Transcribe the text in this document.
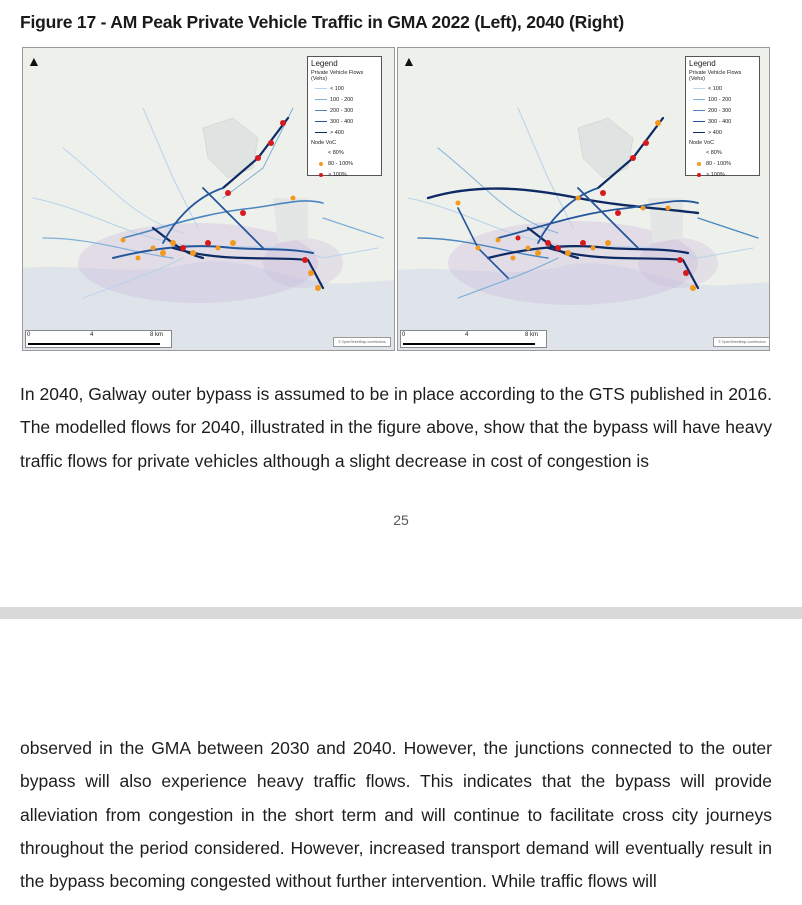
Figure 17 - AM Peak Private Vehicle Traffic in GMA 2022 (Left), 2040 (Right)
▲	Legend
Private Vehicle Flows (Vehs)
< 100
100 - 200
200 - 300
300 - 400
> 400
Node VoC
< 80%
80 - 100%
> 100%
0	4	8 km
© OpenStreetMap contributors
▲	Legend
Private Vehicle Flows (Vehs)
< 100
100 - 200
200 - 300
300 - 400
> 400
Node VoC
< 80%
80 - 100%
> 100%
0	4	8 km
© OpenStreetMap contributors
In 2040, Galway outer bypass is assumed to be in place according to the GTS published in 2016. The modelled flows for 2040, illustrated in the figure above, show that the bypass will have heavy traffic flows for private vehicles although a slight decrease in cost of congestion is
25
observed in the GMA between 2030 and 2040. However, the junctions connected to the outer bypass will also experience heavy traffic flows. This indicates that the bypass will provide alleviation from congestion in the short term and will continue to facilitate cross city journeys throughout the period considered. However, increased transport demand will eventually result in the bypass becoming congested without further intervention. While traffic flows will
